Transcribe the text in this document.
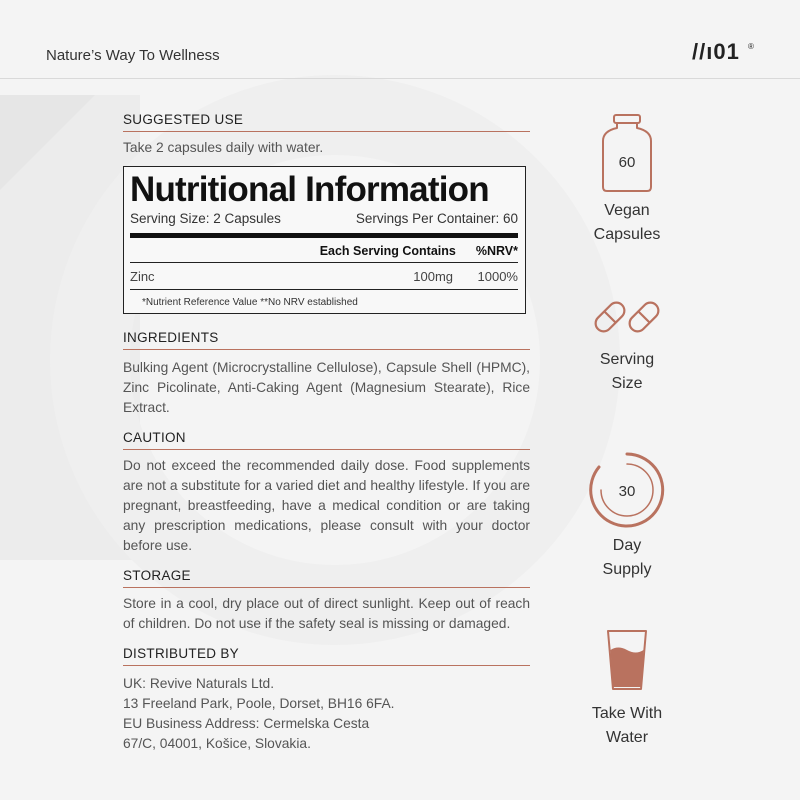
Nature’s Way To Wellness	//ı01 ®
SUGGESTED USE
Take 2 capsules daily with water.
Nutritional Information
Serving Size: 2 Capsules	Servings Per Container: 60
Each Serving Contains %NRV*
Zinc	100mg	1000%
*Nutrient Reference Value **No NRV established
INGREDIENTS
Bulking Agent (Microcrystalline Cellulose), Capsule Shell (HPMC), Zinc Picolinate, Anti-Caking Agent (Magnesium Stearate), Rice Extract.
CAUTION
Do not exceed the recommended daily dose. Food supplements are not a substitute for a varied diet and healthy lifestyle. If you are pregnant, breastfeeding, have a medical condition or are taking any prescription medications, please consult with your doctor before use.
STORAGE
Store in a cool, dry place out of direct sunlight. Keep out of reach of children. Do not use if the safety seal is missing or damaged.
DISTRIBUTED BY
UK: Revive Naturals Ltd.
13 Freeland Park, Poole, Dorset, BH16 6FA.
EU Business Address: Cermelska Cesta
67/C, 04001, Košice, Slovakia.
60
Vegan
Capsules
Serving
Size
30
Day
Supply
Take With
Water
